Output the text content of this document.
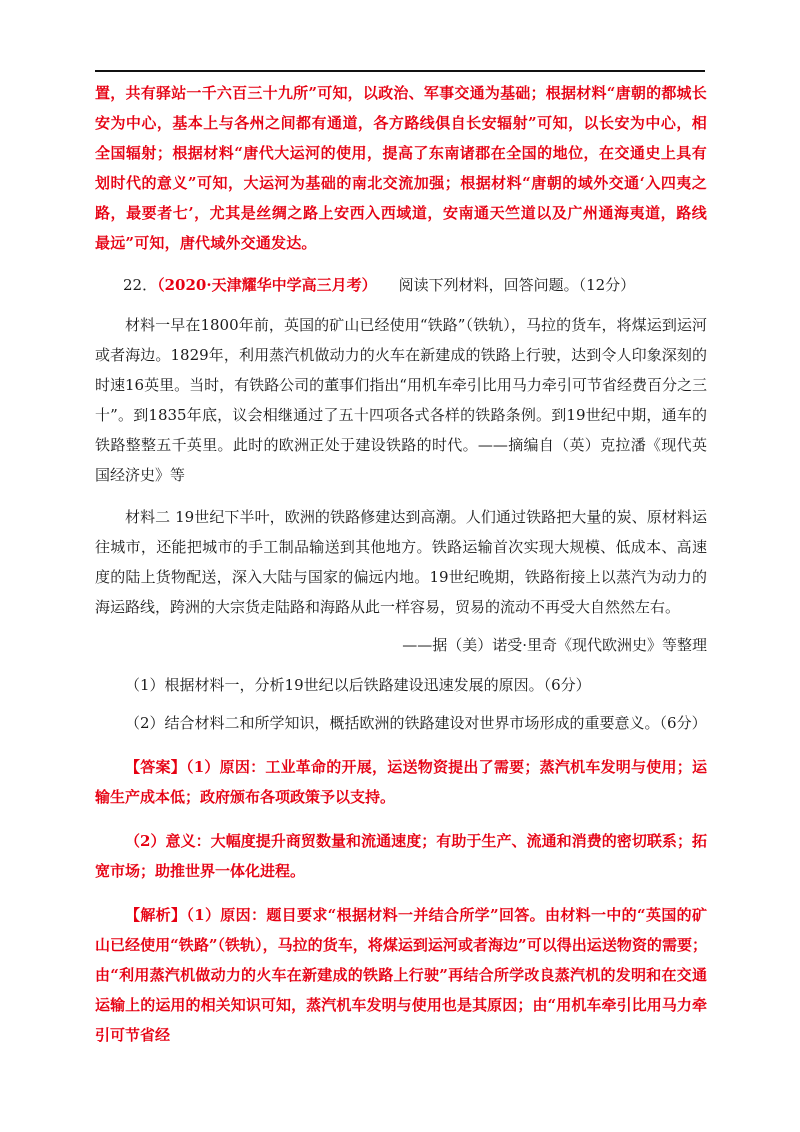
置，共有驿站一千六百三十九所”可知，以政治、军事交通为基础；根据材料“唐朝的都城长安为中心，基本上与各州之间都有通道，各方路线俱自长安辐射”可知，以长安为中心，相全国辐射；根据材料“唐代大运河的使用，提高了东南诸郡在全国的地位，在交通史上具有划时代的意义”可知，大运河为基础的南北交流加强；根据材料“唐朝的域外交通‘入四夷之路，最要者七’，尤其是丝绸之路上安西入西域道，安南通天竺道以及广州通海夷道，路线最远”可知，唐代域外交通发达。

22．（2020·天津耀华中学高三月考） 阅读下列材料，回答问题。（12分）

材料一早在1800年前，英国的矿山已经使用“铁路”（铁轨），马拉的货车，将煤运到运河或者海边。1829年，利用蒸汽机做动力的火车在新建成的铁路上行驶，达到令人印象深刻的时速16英里。当时，有铁路公司的董事们指出“用机车牵引比用马力牵引可节省经费百分之三十”。到1835年底，议会相继通过了五十四项各式各样的铁路条例。到19世纪中期，通车的铁路整整五千英里。此时的欧洲正处于建设铁路的时代。——摘编自（英）克拉潘《现代英国经济史》等

材料二 19世纪下半叶，欧洲的铁路修建达到高潮。人们通过铁路把大量的炭、原材料运往城市，还能把城市的手工制品输送到其他地方。铁路运输首次实现大规模、低成本、高速度的陆上货物配送，深入大陆与国家的偏远内地。19世纪晚期，铁路衔接上以蒸汽为动力的海运路线，跨洲的大宗货走陆路和海路从此一样容易，贸易的流动不再受大自然然左右。

——据（美）诺受·里奇《现代欧洲史》等整理

（1）根据材料一，分析19世纪以后铁路建设迅速发展的原因。（6分）

（2）结合材料二和所学知识，概括欧洲的铁路建设对世界市场形成的重要意义。（6分）

【答案】（1）原因：工业革命的开展，运送物资提出了需要；蒸汽机车发明与使用；运输生产成本低；政府颁布各项政策予以支持。

（2）意义：大幅度提升商贸数量和流通速度；有助于生产、流通和消费的密切联系；拓宽市场；助推世界一体化进程。

【解析】（1）原因：题目要求“根据材料一并结合所学”回答。由材料一中的“英国的矿山已经使用“铁路”（铁轨），马拉的货车，将煤运到运河或者海边”可以得出运送物资的需要；由“利用蒸汽机做动力的火车在新建成的铁路上行驶”再结合所学改良蒸汽机的发明和在交通运输上的运用的相关知识可知，蒸汽机车发明与使用也是其原因；由“用机车牵引比用马力牵引可节省经
